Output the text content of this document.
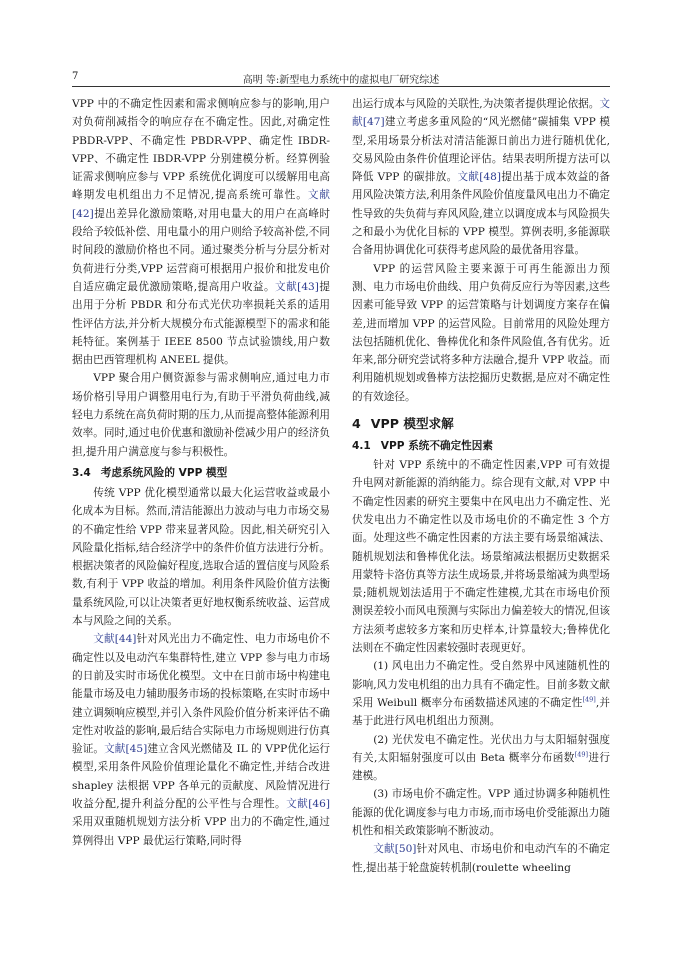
7	高明 等:新型电力系统中的虚拟电厂研究综述

VPP 中的不确定性因素和需求侧响应参与的影响,用户对负荷削减指令的响应存在不确定性。因此,对确定性 PBDR-VPP、不确定性 PBDR-VPP、确定性 IBDR-VPP、不确定性 IBDR-VPP 分别建模分析。经算例验证需求侧响应参与 VPP 系统优化调度可以缓解用电高峰期发电机组出力不足情况,提高系统可靠性。文献[42]提出差异化激励策略,对用电量大的用户在高峰时段给予较低补偿、用电量小的用户则给予较高补偿,不同时间段的激励价格也不同。通过聚类分析与分层分析对负荷进行分类,VPP 运营商可根据用户报价和批发电价自适应确定最优激励策略,提高用户收益。文献[43]提出用于分析 PBDR 和分布式光伏功率损耗关系的适用性评估方法,并分析大规模分布式能源模型下的需求和能耗特征。案例基于 IEEE 8500 节点试验馈线,用户数据由巴西管理机构 ANEEL 提供。

VPP 聚合用户侧资源参与需求侧响应,通过电力市场价格引导用户调整用电行为,有助于平滑负荷曲线,减轻电力系统在高负荷时期的压力,从而提高整体能源利用效率。同时,通过电价优惠和激励补偿减少用户的经济负担,提升用户满意度与参与积极性。

3.4 考虑系统风险的 VPP 模型

传统 VPP 优化模型通常以最大化运营收益或最小化成本为目标。然而,清洁能源出力波动与电力市场交易的不确定性给 VPP 带来显著风险。因此,相关研究引入风险量化指标,结合经济学中的条件价值方法进行分析。根据决策者的风险偏好程度,选取合适的置信度与风险系数,有利于 VPP 收益的增加。利用条件风险价值方法衡量系统风险,可以让决策者更好地权衡系统收益、运营成本与风险之间的关系。

文献[44]针对风光出力不确定性、电力市场电价不确定性以及电动汽车集群特性,建立 VPP 参与电力市场的日前及实时市场优化模型。文中在日前市场中构建电能量市场及电力辅助服务市场的投标策略,在实时市场中建立调频响应模型,并引入条件风险价值分析来评估不确定性对收益的影响,最后结合实际电力市场规则进行仿真验证。文献[45]建立含风光燃储及 IL 的 VPP优化运行模型,采用条件风险价值理论量化不确定性,并结合改进 shapley 法根据 VPP 各单元的贡献度、风险情况进行收益分配,提升利益分配的公平性与合理性。文献[46]采用双重随机规划方法分析 VPP 出力的不确定性,通过算例得出 VPP 最优运行策略,同时得

出运行成本与风险的关联性,为决策者提供理论依据。文献[47]建立考虑多重风险的“风光燃储”碳捕集 VPP 模型,采用场景分析法对清洁能源日前出力进行随机优化,交易风险由条件价值理论评估。结果表明所提方法可以降低 VPP 的碳排放。文献[48]提出基于成本效益的备用风险决策方法,利用条件风险价值度量风电出力不确定性导致的失负荷与弃风风险,建立以调度成本与风险损失之和最小为优化目标的 VPP 模型。算例表明,多能源联合备用协调优化可获得考虑风险的最优备用容量。

VPP 的运营风险主要来源于可再生能源出力预测、电力市场电价曲线、用户负荷反应行为等因素,这些因素可能导致 VPP 的运营策略与计划调度方案存在偏差,进而增加 VPP 的运营风险。目前常用的风险处理方法包括随机优化、鲁棒优化和条件风险值,各有优劣。近年来,部分研究尝试将多种方法融合,提升 VPP 收益。而利用随机规划或鲁棒方法挖掘历史数据,是应对不确定性的有效途径。

4 VPP 模型求解
4.1 VPP 系统不确定性因素

针对 VPP 系统中的不确定性因素,VPP 可有效提升电网对新能源的消纳能力。综合现有文献,对 VPP 中不确定性因素的研究主要集中在风电出力不确定性、光伏发电出力不确定性以及市场电价的不确定性 3 个方面。处理这些不确定性因素的方法主要有场景缩减法、随机规划法和鲁棒优化法。场景缩减法根据历史数据采用蒙特卡洛仿真等方法生成场景,并将场景缩减为典型场景;随机规划法适用于不确定性建模,尤其在市场电价预测误差较小而风电预测与实际出力偏差较大的情况,但该方法须考虑较多方案和历史样本,计算量较大;鲁棒优化法则在不确定性因素较强时表现更好。

(1) 风电出力不确定性。受自然界中风速随机性的影响,风力发电机组的出力具有不确定性。目前多数文献采用 Weibull 概率分布函数描述风速的不确定性[49],并基于此进行风电机组出力预测。

(2) 光伏发电不确定性。光伏出力与太阳辐射强度有关,太阳辐射强度可以由 Beta 概率分布函数[49]进行建模。

(3) 市场电价不确定性。VPP 通过协调多种随机性能源的优化调度参与电力市场,而市场电价受能源出力随机性和相关政策影响不断波动。

文献[50]针对风电、市场电价和电动汽车的不确定性,提出基于轮盘旋转机制(roulette wheeling
